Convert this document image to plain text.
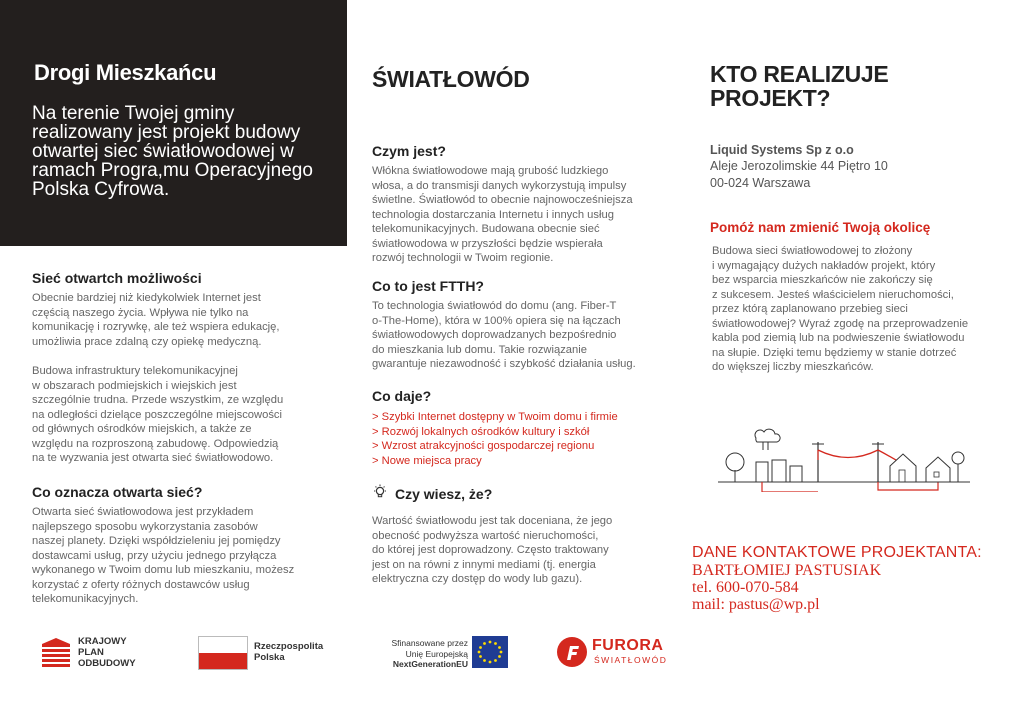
Drogi Mieszkańcu

Na terenie Twojej gminy realizowany jest projekt budowy otwartej siec światłowodowej w ramach Progra,mu Operacyjnego Polska Cyfrowa.

Sieć otwartch możliwości

Obecnie bardziej niż kiedykolwiek Internet jest
częścią naszego życia. Wpływa nie tylko na
komunikację i rozrywkę, ale też wspiera edukację,
umożliwia prace zdalną czy opiekę medyczną.

Budowa infrastruktury telekomunikacyjnej
w obszarach podmiejskich i wiejskich jest
szczególnie trudna. Przede wszystkim, ze względu
na odległości dzielące poszczególne miejscowości
od głównych ośrodków miejskich, a także ze
względu na rozproszoną zabudowę. Odpowiedzią
na te wyzwania jest otwarta sieć światłowodowo.

Co oznacza otwarta sieć?

Otwarta sieć światłowodowa jest przykładem
najlepszego sposobu wykorzystania zasobów
naszej planety. Dzięki współdzieleniu jej pomiędzy
dostawcami usług, przy użyciu jednego przyłącza
wykonanego w Twoim domu lub mieszkaniu, możesz
korzystać z oferty różnych dostawców usług
telekomunikacyjnych.

ŚWIATŁOWÓD
Czym jest?

Włókna światłowodowe mają grubość ludzkiego
włosa, a do transmisji danych wykorzystują impulsy
świetlne. Światłowód to obecnie najnowocześniejsza
technologia dostarczania Internetu i innych usług
telekomunikacyjnych. Budowana obecnie sieć
światłowodowa w przyszłości będzie wspierała
rozwój technologii w Twoim regionie.

Co to jest FTTH?

To technologia światłowód do domu (ang. Fiber-T
o-The-Home), która w 100% opiera się na łączach
światłowodowych doprowadzanych bezpośrednio
do mieszkania lub domu. Takie rozwiązanie
gwarantuje niezawodność i szybkość działania usług.

Co daje?
> Szybki Internet dostępny w Twoim domu i firmie
> Rozwój lokalnych ośrodków kultury i szkół
> Wzrost atrakcyjności gospodarczej regionu
> Nowe miejsca pracy
Czy wiesz, że?

Wartość światłowodu jest tak doceniana, że jego
obecność podwyższa wartość nieruchomości,
do której jest doprowadzony. Często traktowany
jest on na równi z innymi mediami (tj. energia
elektryczna czy dostęp do wody lub gazu).

KTO REALIZUJE PROJEKT?
Liquid Systems Sp z o.o
Aleje Jerozolimskie 44 Piętro 10
00-024 Warszawa
Pomóż nam zmienić Twoją okolicę

Budowa sieci światłowodowej to złożony
i wymagający dużych nakładów projekt, który
bez wsparcia mieszkańców nie zakończy się
z sukcesem. Jesteś właścicielem nieruchomości,
przez którą zaplanowano przebieg sieci
światłowodowej? Wyraź zgodę na przeprowadzenie
kabla pod ziemią lub na podwieszenie światłowodu
na słupie. Dzięki temu będziemy w stanie dotrzeć
do większej liczby mieszkańców.

DANE KONTAKTOWE PROJEKTANTA:
BARTŁOMIEJ PASTUSIAK
tel. 600-070-584
mail: pastus@wp.pl
KRAJOWY
PLAN
ODBUDOWY
Rzeczpospolita
Polska
Sfinansowane przez
Unię Europejską
NextGenerationEU
FURORA
ŚWIATŁOWÓD
